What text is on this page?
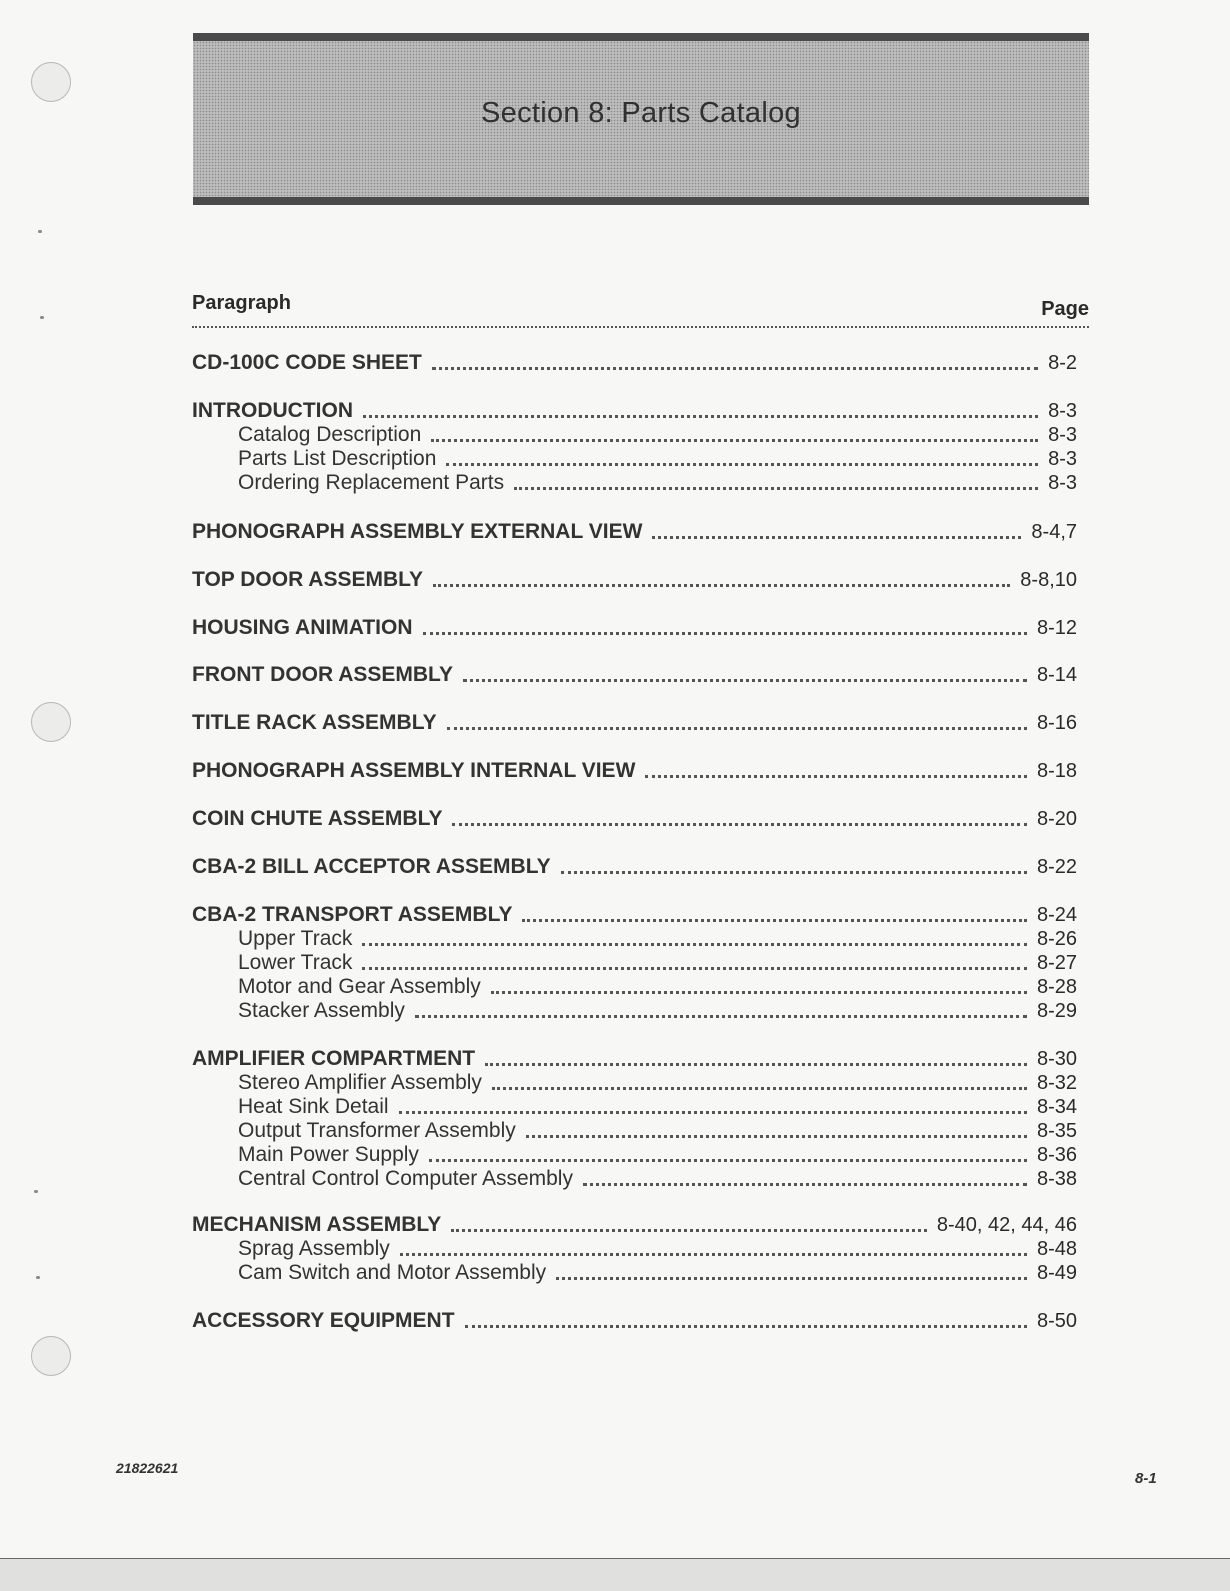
Section 8: Parts Catalog
Paragraph	Page
CD-100C CODE SHEET	8-2
INTRODUCTION	8-3
Catalog Description	8-3
Parts List Description	8-3
Ordering Replacement Parts	8-3
PHONOGRAPH ASSEMBLY EXTERNAL VIEW	8-4,7
TOP DOOR ASSEMBLY	8-8,10
HOUSING ANIMATION	8-12
FRONT DOOR ASSEMBLY	8-14
TITLE RACK ASSEMBLY	8-16
PHONOGRAPH ASSEMBLY INTERNAL VIEW	8-18
COIN CHUTE ASSEMBLY	8-20
CBA-2 BILL ACCEPTOR ASSEMBLY	8-22
CBA-2 TRANSPORT ASSEMBLY	8-24
Upper Track	8-26
Lower Track	8-27
Motor and Gear Assembly	8-28
Stacker Assembly	8-29
AMPLIFIER COMPARTMENT	8-30
Stereo Amplifier Assembly	8-32
Heat Sink Detail	8-34
Output Transformer Assembly	8-35
Main Power Supply	8-36
Central Control Computer Assembly	8-38
MECHANISM ASSEMBLY	8-40, 42, 44, 46
Sprag Assembly	8-48
Cam Switch and Motor Assembly	8-49
ACCESSORY EQUIPMENT	8-50
21822621
8-1
